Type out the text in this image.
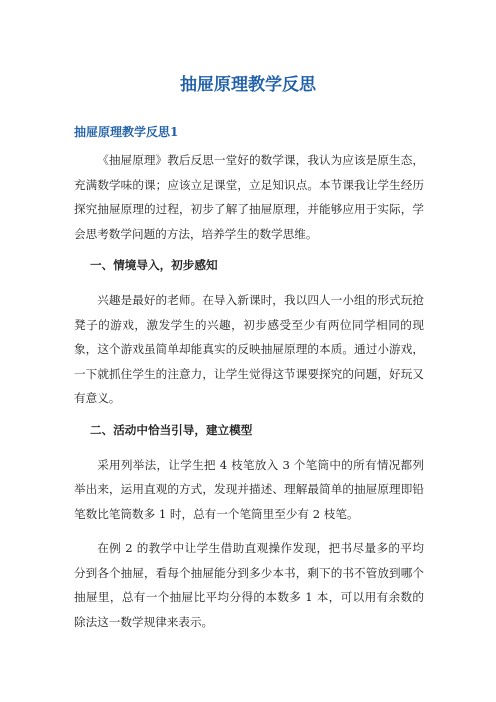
抽屉原理教学反思

抽屉原理教学反思1

《抽屉原理》教后反思一堂好的数学课，我认为应该是原生态，充满数学味的课；应该立足课堂，立足知识点。本节课我让学生经历探究抽屉原理的过程，初步了解了抽屉原理，并能够应用于实际，学会思考数学问题的方法，培养学生的数学思维。

一、情境导入，初步感知

兴趣是最好的老师。在导入新课时，我以四人一小组的形式玩抢凳子的游戏，激发学生的兴趣，初步感受至少有两位同学相同的现象，这个游戏虽简单却能真实的反映抽屉原理的本质。通过小游戏，一下就抓住学生的注意力，让学生觉得这节课要探究的问题，好玩又有意义。

二、活动中恰当引导，建立模型

采用列举法，让学生把 4 枝笔放入 3 个笔筒中的所有情况都列举出来，运用直观的方式，发现并描述、理解最简单的抽屉原理即铅笔数比笔筒数多 1 时，总有一个笔筒里至少有 2 枝笔。

在例 2 的教学中让学生借助直观操作发现，把书尽量多的平均分到各个抽屉，看每个抽屉能分到多少本书，剩下的书不管放到哪个抽屉里，总有一个抽屉比平均分得的本数多 1 本，可以用有余数的除法这一数学规律来表示。
